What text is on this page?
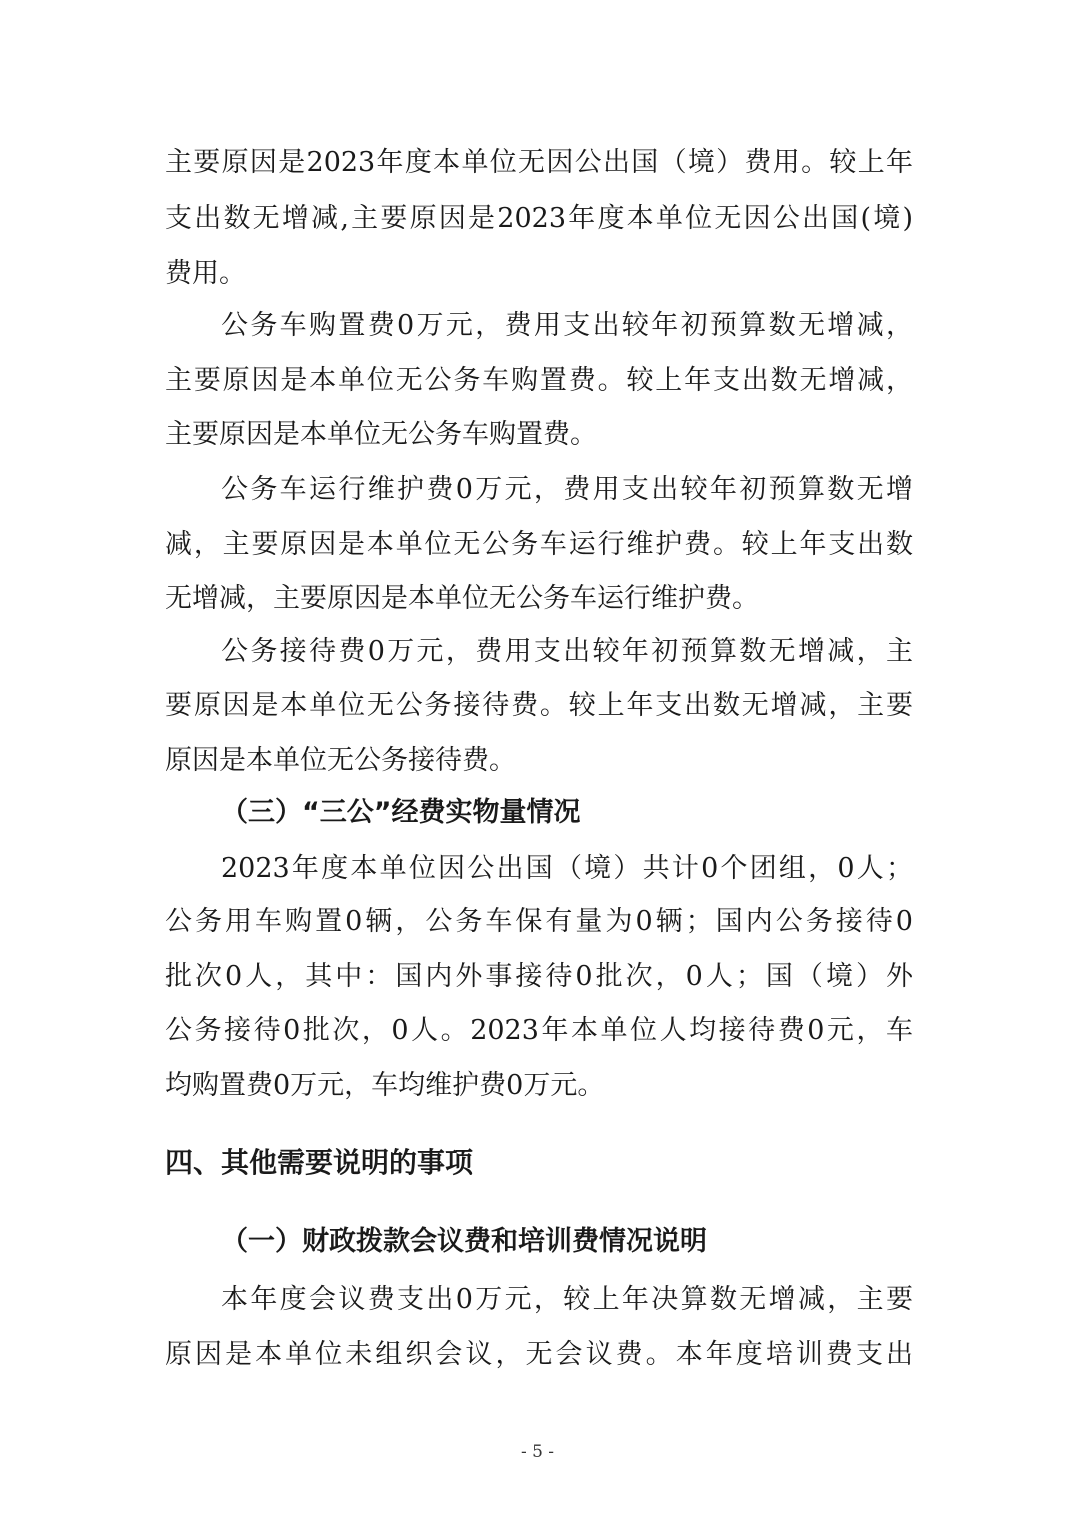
主要原因是2023年度本单位无因公出国（境）费用。较上年
支出数无增减,主要原因是2023年度本单位无因公出国(境)
费用。
公务车购置费0万元，费用支出较年初预算数无增减，
主要原因是本单位无公务车购置费。较上年支出数无增减，
主要原因是本单位无公务车购置费。
公务车运行维护费0万元，费用支出较年初预算数无增
减，主要原因是本单位无公务车运行维护费。较上年支出数
无增减，主要原因是本单位无公务车运行维护费。
公务接待费0万元，费用支出较年初预算数无增减，主
要原因是本单位无公务接待费。较上年支出数无增减，主要
原因是本单位无公务接待费。
（三）“三公”经费实物量情况
2023年度本单位因公出国（境）共计0个团组，0人；
公务用车购置0辆，公务车保有量为0辆；国内公务接待0
批次0人，其中：国内外事接待0批次，0人；国（境）外
公务接待0批次，0人。2023年本单位人均接待费0元，车
均购置费0万元，车均维护费0万元。
四、其他需要说明的事项
（一）财政拨款会议费和培训费情况说明
本年度会议费支出0万元，较上年决算数无增减，主要
原因是本单位未组织会议，无会议费。本年度培训费支出
- 5 -
